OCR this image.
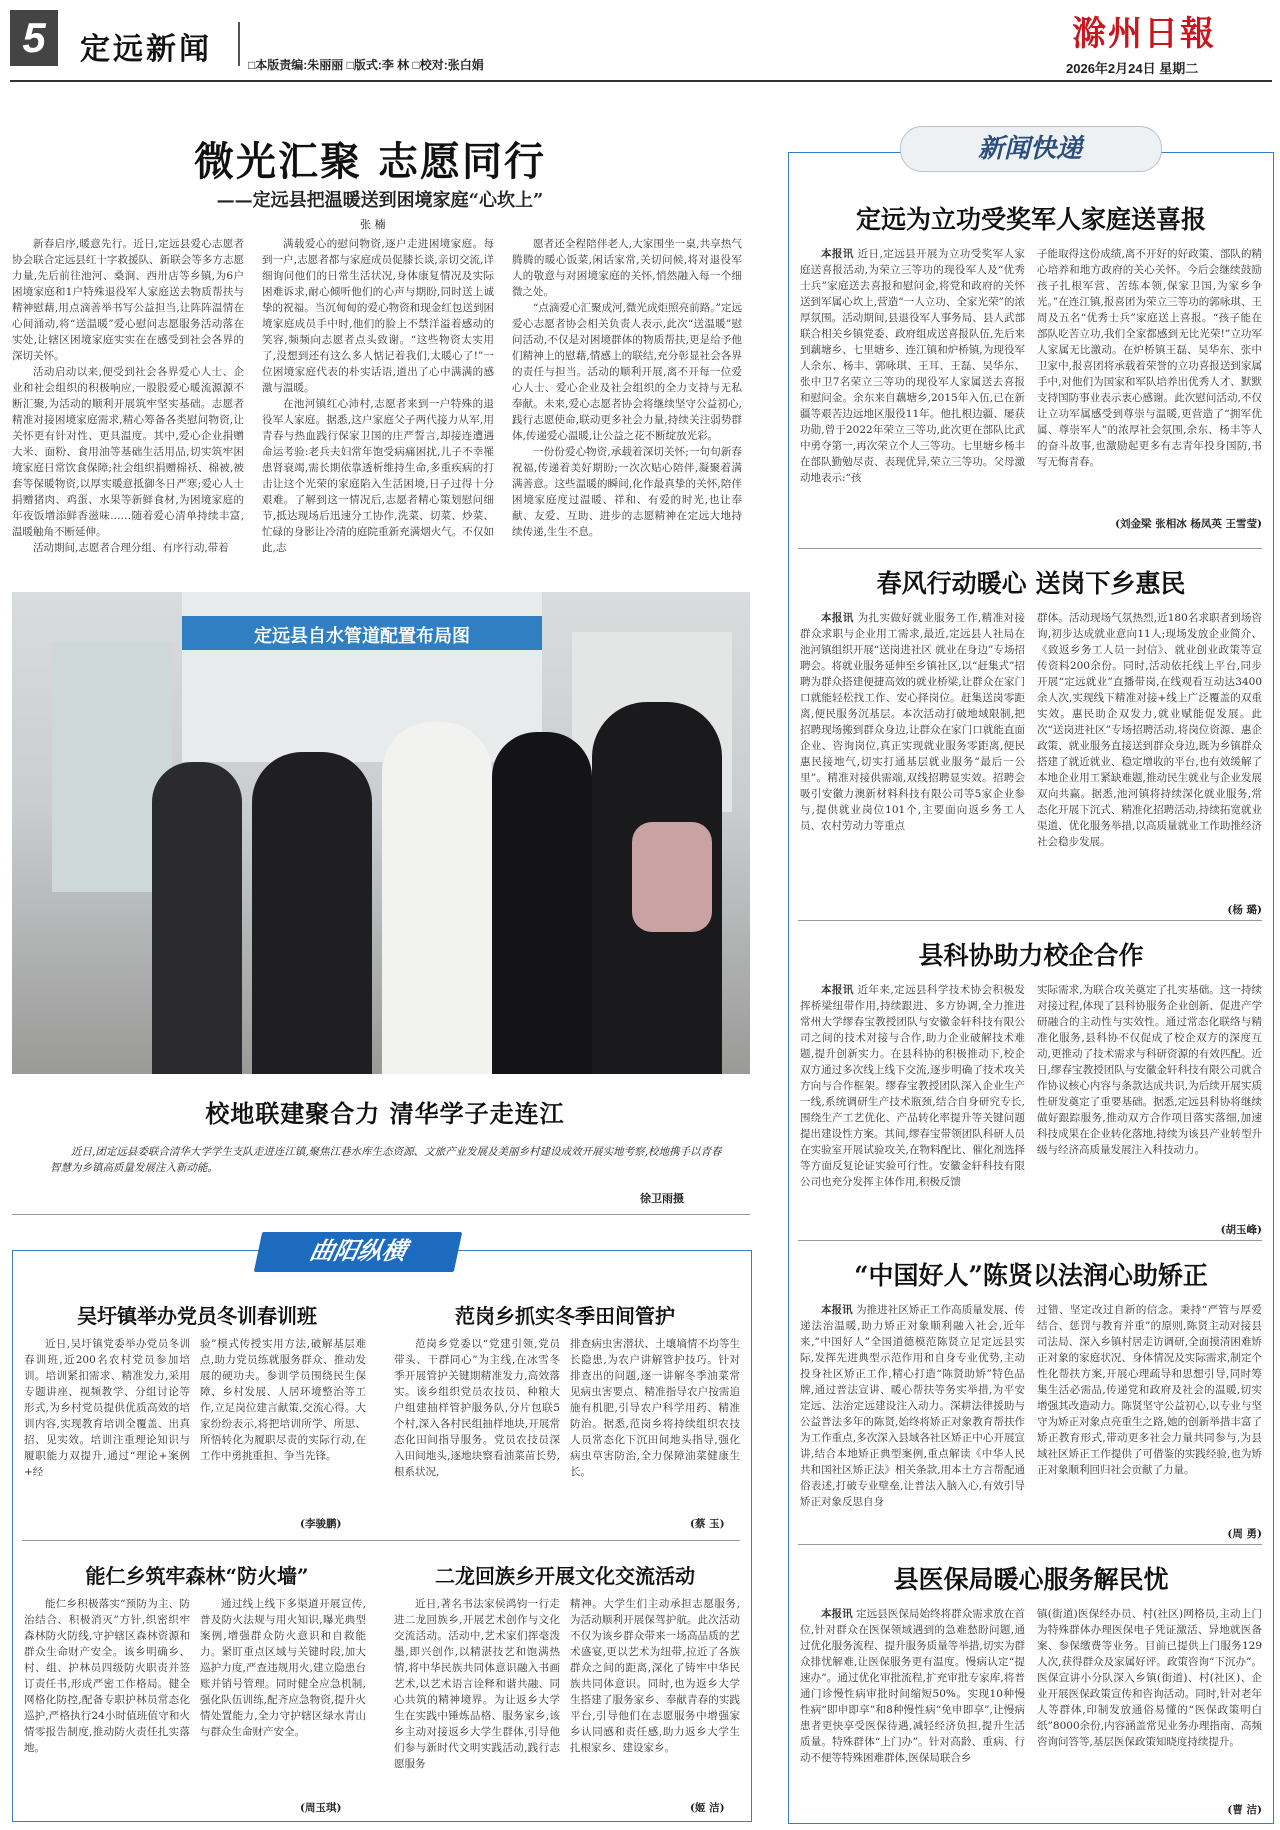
5	定远新闻	□本版责编:朱丽丽 □版式:李 林 □校对:张白娟
滁州日報
2026年2月24日 星期二
微光汇聚 志愿同行
——定远县把温暖送到困境家庭“心坎上”
张 楠

新春启序,暖意先行。近日,定远县爱心志愿者协会联合定远县红十字救援队、新联会等多方志愿力量,先后前往池河、桑涧、西卅店等乡镇,为6户困境家庭和1户特殊退役军人家庭送去物质帮扶与精神慰藉,用点滴善举书写公益担当,让阵阵温情在心间涌动,将“送温暖”爱心慰问志愿服务活动落在实处,让辖区困境家庭实实在在感受到社会各界的深切关怀。

活动启动以来,便受到社会各界爱心人士、企业和社会组织的积极响应,一股股爱心暖流源源不断汇聚,为活动的顺利开展筑牢坚实基础。志愿者精准对接困境家庭需求,精心筹备各类慰问物资,让关怀更有针对性、更具温度。其中,爱心企业捐赠大米、面粉、食用油等基础生活用品,切实筑牢困境家庭日常饮食保障;社会组织捐赠棉袄、棉被,被套等保暖物资,以厚实暖意抵御冬日严寒;爱心人士捐赠猪肉、鸡蛋、水果等新鲜食材,为困境家庭的年夜饭增添鲜香滋味……随着爱心清单持续丰富,温暖触角不断延伸。

活动期间,志愿者合理分组、有序行动,带着

满载爱心的慰问物资,逐户走进困境家庭。每到一户,志愿者都与家庭成员促膝长谈,亲切交流,详细询问他们的日常生活状况,身体康复情况及实际困难诉求,耐心倾听他们的心声与期盼,同时送上诚挚的祝福。当沉甸甸的爱心物资和现金红包送到困境家庭成员手中时,他们的脸上不禁洋溢着感动的笑容,频频向志愿者点头致谢。“这些物资太实用了,没想到还有这么多人惦记着我们,太暖心了!”一位困境家庭代表的朴实话语,道出了心中满满的感激与温暖。

在池河镇红心沛村,志愿者来到一户特殊的退役军人家庭。据悉,这户家庭父子两代接力从军,用青春与热血践行保家卫国的庄严誓言,却接连遭遇命运考验:老兵夫妇常年饱受病痛困扰,儿子不幸罹患肾衰竭,需长期依靠透析维持生命,多重疾病的打击让这个光荣的家庭陷入生活困境,日子过得十分艰难。了解到这一情况后,志愿者精心策划慰问细节,抵达现场后迅速分工协作,洗菜、切菜、炒菜、忙碌的身影让冷清的庭院重新充满烟火气。不仅如此,志

愿者还全程陪伴老人,大家围坐一桌,共享热气腾腾的暖心饭菜,闲话家常,关切问候,将对退役军人的敬意与对困境家庭的关怀,悄然融入每一个细微之处。

“点滴爱心汇聚成河,微光成炬照亮前路。”定远爱心志愿者协会相关负责人表示,此次“送温暖”慰问活动,不仅是对困境群体的物质帮扶,更是给予他们精神上的慰藉,情感上的联结,充分彰显社会各界的责任与担当。活动的顺利开展,离不开每一位爱心人士、爱心企业及社会组织的全力支持与无私奉献。未来,爱心志愿者协会将继续坚守公益初心,践行志愿使命,联动更多社会力量,持续关注弱势群体,传递爱心温暖,让公益之花不断绽放光彩。

一份份爱心物资,承载着深切关怀;一句句新春祝福,传递着美好期盼;一次次贴心陪伴,凝聚着满满善意。这些温暖的瞬间,化作最真挚的关怀,陪伴困境家庭度过温暖、祥和、有爱的时光,也让奉献、友爱、互助、进步的志愿精神在定远大地持续传递,生生不息。

定远县自水管道配置布局图
校地联建聚合力 清华学子走连江
近日,团定远县委联合清华大学学生支队走进连江镇,聚焦江巷水库生态资源、文旅产业发展及美丽乡村建设成效开展实地考察,校地携手以青春智慧为乡镇高质量发展注入新动能。
徐卫雨摄
曲阳纵横
吴圩镇举办党员冬训春训班

近日,吴圩镇党委举办党员冬训春训班,近200名农村党员参加培训。培训紧扣需求、精准发力,采用专题讲座、视频教学、分组讨论等形式,为乡村党员提供优质高效的培训内容,实现教育培训全覆盖、出真招、见实效。培训注重理论知识与履职能力双提升,通过“理论+案例+经

验”模式传授实用方法,破解基层难点,助力党员练就服务群众、推动发展的硬功夫。参训学员围绕民生保障、乡村发展、人居环境整治等工作,立足岗位建言献策,交流心得。大家纷纷表示,将把培训所学、所思、所悟转化为履职尽责的实际行动,在工作中勇挑重担、争当先锋。

(李骏鹏)
范岗乡抓实冬季田间管护

范岗乡党委以“党建引领,党员带头、干群同心”为主线,在冰雪冬季开展管护关键期精准发力,高效落实。该乡组织党员农技员、种粮大户组建抽样管护服务队,分片包联5个村,深入各村民组抽样地块,开展常态化田间指导服务。党员农技员深入田间地头,逐地块察看油菜苗长势,根系状况,

排查病虫害潜状、土壤墒情不均等生长隐患,为农户讲解管护技巧。针对排查出的问题,逐一讲解冬季油菜常见病虫害要点、精准指导农户按需追施有机肥,引导农户科学用药、精准防治。据悉,范岗乡将持续组织农技人员常态化下沉田间地头指导,强化病虫草害防治,全力保障油菜健康生长。

(蔡 玉)
能仁乡筑牢森林“防火墙”

能仁乡积极落实“预防为主、防治结合、积极消灭”方针,织密织牢森林防火防线,守护辖区森林资源和群众生命财产安全。该乡明确乡、村、组、护林员四级防火职责并签订责任书,形成严密工作格局。健全网格化防控,配备专职护林员常态化巡护,严格执行24小时值班值守和火情零报告制度,推动防火责任扎实落地。

通过线上线下多渠道开展宣传,普及防火法规与用火知识,曝光典型案例,增强群众防火意识和自救能力。紧盯重点区域与关键时段,加大巡护力度,严查违规用火,建立隐患台账并销号管理。同时健全应急机制,强化队伍训练,配齐应急物资,提升火情处置能力,全力守护辖区绿水青山与群众生命财产安全。

(周玉琪)
二龙回族乡开展文化交流活动

近日,著名书法家侯鸿钧一行走进二龙回族乡,开展艺术创作与文化交流活动。活动中,艺术家们挥毫泼墨,即兴创作,以精湛技艺和饱满热情,将中华民族共同体意识融入书画艺术,以艺术语言诠释和谐共融、同心共筑的精神境界。为让返乡大学生在实践中锤炼品格、服务家乡,该乡主动对接返乡大学生群体,引导他们参与新时代文明实践活动,践行志愿服务

精神。大学生们主动承担志愿服务,为活动顺利开展保驾护航。此次活动不仅为该乡群众带来一场高品质的艺术盛宴,更以艺术为纽带,拉近了各族群众之间的距离,深化了铸牢中华民族共同体意识。同时,也为返乡大学生搭建了服务家乡、奉献青春的实践平台,引导他们在志愿服务中增强家乡认同感和责任感,助力返乡大学生扎根家乡、建设家乡。

(姬 洁)
新闻快递
定远为立功受奖军人家庭送喜报

本报讯 近日,定远县开展为立功受奖军人家庭送喜报活动,为荣立三等功的现役军人及“优秀士兵”家庭送去喜报和慰问金,将党和政府的关怀送到军属心坎上,营造“一人立功、全家光荣”的浓厚氛围。活动期间,县退役军人事务局、县人武部联合相关乡镇党委、政府组成送喜报队伍,先后来到藕塘乡、七里塘乡、连江镇和炉桥镇,为现役军人余东、杨丰、郭咏琪、王耳、王磊、吴华东、张中卫7名荣立三等功的现役军人家属送去喜报和慰问金。余东来自藕塘乡,2015年入伍,已在新疆等艰苦边远地区服役11年。他扎根边疆、屡获功勋,曾于2022年荣立三等功,此次更在部队比武中勇夺第一,再次荣立个人三等功。七里塘乡杨丰在部队勤勉尽责、表现优异,荣立三等功。父母激动地表示:“孩

子能取得这份成绩,离不开好的好政策、部队的精心培养和地方政府的关心关怀。今后会继续鼓励孩子扎根军营、苦练本领,保家卫国,为家乡争光。”在连江镇,报喜团为荣立三等功的郭咏琪、王周及五名“优秀士兵”家庭送上喜报。“孩子能在部队吃苦立功,我们全家都感到无比光荣!”立功军人家属无比激动。在炉桥镇王磊、吴华东、张中卫家中,报喜团将承载着荣誉的立功喜报送到家属手中,对他们为国家和军队培养出优秀人才、默默支持国防事业表示衷心感谢。此次慰问活动,不仅让立功军属感受到尊崇与温暖,更营造了“拥军优属、尊崇军人”的浓厚社会氛围,余东、杨丰等人的奋斗故事,也激励起更多有志青年投身国防,书写无悔青春。

(刘金梁 张相冰 杨凤英 王雪莹)
春风行动暖心 送岗下乡惠民

本报讯 为扎实做好就业服务工作,精准对接群众求职与企业用工需求,最近,定远县人社局在池河镇组织开展“送岗进社区 就业在身边”专场招聘会。将就业服务延伸至乡镇社区,以“赶集式”招聘为群众搭建便捷高效的就业桥梁,让群众在家门口就能轻松找工作、安心择岗位。赶集送岗零距离,便民服务沉基层。本次活动打破地域限制,把招聘现场搬到群众身边,让群众在家门口就能直面企业、咨询岗位,真正实现就业服务零距离,便民惠民接地气,切实打通基层就业服务“最后一公里”。精准对接供需端,双线招聘显实效。招聘会吸引安徽力澳新材料科技有限公司等5家企业参与,提供就业岗位101个,主要面向返乡务工人员、农村劳动力等重点

群体。活动现场气氛热烈,近180名求职者到场咨询,初步达成就业意向11人;现场发放企业简介、《致返乡务工人员一封信》、就业创业政策等宣传资料200余份。同时,活动依托线上平台,同步开展“定远就业”直播带岗,在线观看互动达3400余人次,实现线下精准对接+线上广泛覆盖的双重实效。惠民助企双发力,就业赋能促发展。此次“送岗进社区”专场招聘活动,将岗位资源、惠企政策、就业服务直接送到群众身边,既为乡镇群众搭建了就近就业、稳定增收的平台,也有效缓解了本地企业用工紧缺难题,推动民生就业与企业发展双向共赢。据悉,池河镇将持续深化就业服务,常态化开展下沉式、精准化招聘活动,持续拓宽就业渠道、优化服务举措,以高质量就业工作助推经济社会稳步发展。

(杨 璐)
县科协助力校企合作

本报讯 近年来,定远县科学技术协会积极发挥桥梁纽带作用,持续跟进、多方协调,全力推进常州大学缪春宝教授团队与安徽金轩科技有限公司之间的技术对接与合作,助力企业破解技术难题,提升创新实力。在县科协的积极推动下,校企双方通过多次线上线下交流,逐步明确了技术攻关方向与合作框架。缪春宝教授团队深入企业生产一线,系统调研生产技术瓶颈,结合自身研究专长,围绕生产工艺优化、产品转化率提升等关键问题提出建设性方案。其间,缪春宝带领团队科研人员在实验室开展试验攻关,在物料配比、催化剂选择等方面反复论证实验可行性。安徽金轩科技有限公司也充分发挥主体作用,积极反馈

实际需求,为联合攻关奠定了扎实基础。这一持续对接过程,体现了县科协服务企业创新、促进产学研融合的主动性与实效性。通过常态化联络与精准化服务,县科协不仅促成了校企双方的深度互动,更推动了技术需求与科研资源的有效匹配。近日,缪春宝教授团队与安徽金轩科技有限公司就合作协议核心内容与条款达成共识,为后续开展实质性研发奠定了重要基础。据悉,定远县科协将继续做好跟踪服务,推动双方合作项目落实落细,加速科技成果在企业转化落地,持续为该县产业转型升级与经济高质量发展注入科技动力。

(胡玉峰)
“中国好人”陈贤以法润心助矫正

本报讯 为推进社区矫正工作高质量发展、传递法治温暖,助力矫正对象顺利融入社会,近年来,“中国好人”全国道德模范陈贤立足定远县实际,发挥先进典型示范作用和自身专业优势,主动投身社区矫正工作,精心打造“陈贤助矫”特色品牌,通过普法宣讲、暖心帮扶等务实举措,为平安定远、法治定远建设注入动力。深耕法律援助与公益普法多年的陈贤,始终将矫正对象教育帮扶作为工作重点,多次深入县域各社区矫正中心开展宣讲,结合本地矫正典型案例,重点解读《中华人民共和国社区矫正法》相关条款,用本土方言帮配通俗表述,打破专业壁垒,让普法入脑入心,有效引导矫正对象反思自身

过错、坚定改过自新的信念。秉持“严管与厚爱结合、惩罚与教育并重”的原则,陈贤主动对接县司法局、深入乡镇村居走访调研,全面摸清困难矫正对象的家庭状况、身体情况及实际需求,制定个性化帮扶方案,开展心理疏导和思想引导,同时筹集生活必需品,传递党和政府及社会的温暖,切实增强其改造动力。陈贤坚守公益初心,以专业与坚守为矫正对象点亮重生之路,她的创新举措丰富了矫正教育形式,带动更多社会力量共同参与,为县域社区矫正工作提供了可借鉴的实践经验,也为矫正对象顺利回归社会贡献了力量。

(周 勇)
县医保局暖心服务解民忧

本报讯 定远县医保局始终将群众需求放在首位,针对群众在医保领域遇到的急难愁盼问题,通过优化服务流程、提升服务质量等举措,切实为群众排忧解难,让医保服务更有温度。慢病认定“提速办”。通过优化审批流程,扩充审批专家库,将普通门诊慢性病审批时间缩短50%。实现10种慢性病“即申即享”和8种慢性病“免申即享”,让慢病患者更快享受医保待遇,减轻经济负担,提升生活质量。特殊群体“上门办”。针对高龄、重病、行动不便等特殊困难群体,医保局联合乡

镇(街道)医保经办员、村(社区)网格员,主动上门为特殊群体办理医保电子凭证激活、异地就医备案、参保缴费等业务。目前已提供上门服务129人次,获得群众及家属好评。政策咨询“下沉办”。医保宣讲小分队深入乡镇(街道)、村(社区)、企业开展医保政策宣传和咨询活动。同时,针对老年人等群体,印制发放通俗易懂的“医保政策明白纸”8000余份,内容涵盖常见业务办理指南、高频咨询问答等,基层医保政策知晓度持续提升。

(曹 洁)
